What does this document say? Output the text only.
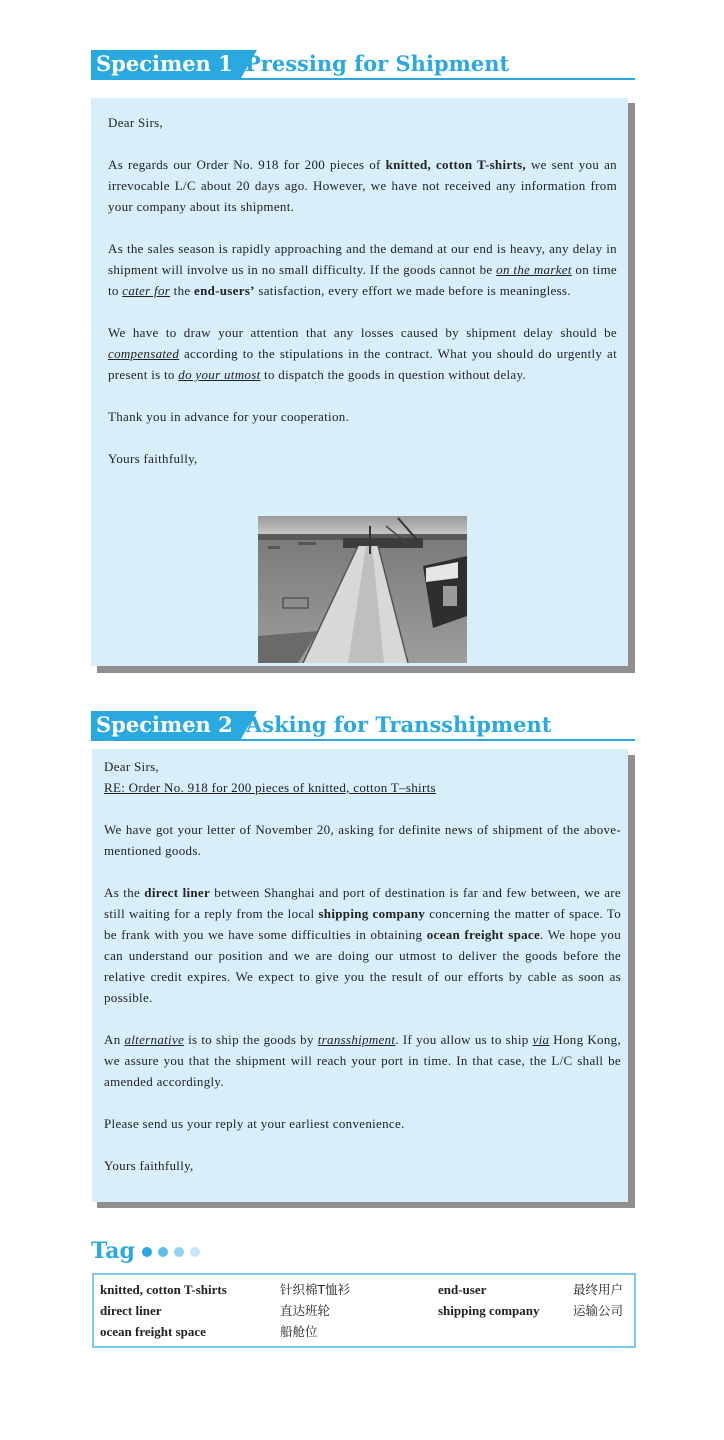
Specimen 1 Pressing for Shipment

Dear Sirs,

As regards our Order No. 918 for 200 pieces of knitted, cotton T-shirts, we sent you an irrevocable L/C about 20 days ago. However, we have not received any information from your company about its shipment.

As the sales season is rapidly approaching and the demand at our end is heavy, any delay in shipment will involve us in no small difficulty. If the goods cannot be on the market on time to cater for the end-users’ satisfaction, every effort we made before is meaningless.

We have to draw your attention that any losses caused by shipment delay should be compensated according to the stipulations in the contract. What you should do urgently at present is to do your utmost to dispatch the goods in question without delay.

Thank you in advance for your cooperation.

Yours faithfully,

Specimen 2 Asking for Transshipment

Dear Sirs,

RE: Order No. 918 for 200 pieces of knitted, cotton T–shirts

We have got your letter of November 20, asking for definite news of shipment of the above-mentioned goods.

As the direct liner between Shanghai and port of destination is far and few between, we are still waiting for a reply from the local shipping company concerning the matter of space. To be frank with you we have some difficulties in obtaining ocean freight space. We hope you can understand our position and we are doing our utmost to deliver the goods before the relative credit expires. We expect to give you the result of our efforts by cable as soon as possible.

An alternative is to ship the goods by transshipment. If you allow us to ship via Hong Kong, we assure you that the shipment will reach your port in time. In that case, the L/C shall be amended accordingly.

Please send us your reply at your earliest convenience.

Yours faithfully,

Tag
knitted, cotton T-shirts	针织棉T恤衫	end-user	最终用户
direct liner	直达班轮	shipping company	运输公司
ocean freight space	船舱位
